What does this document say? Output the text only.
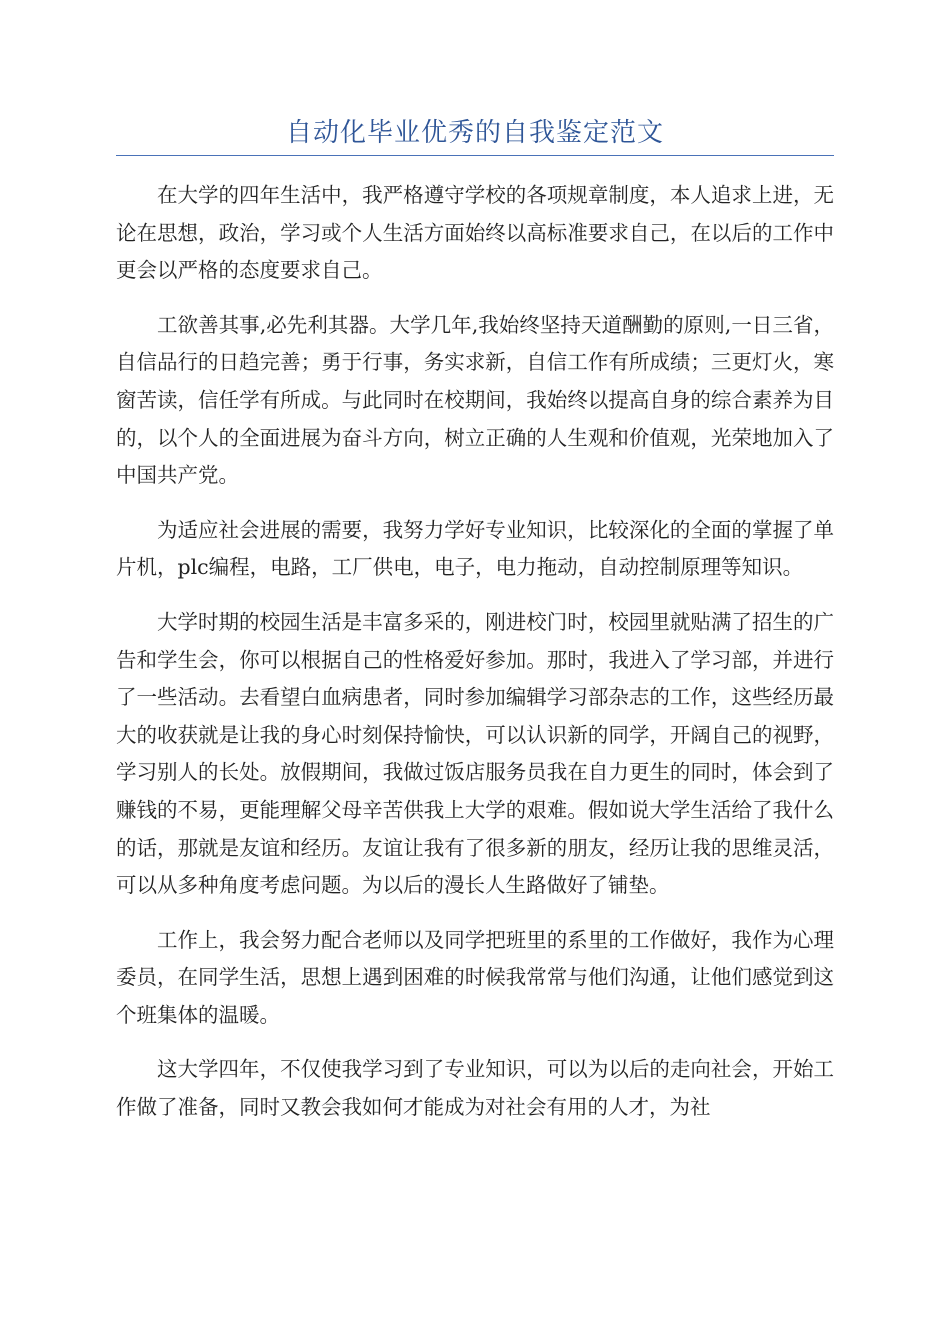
自动化毕业优秀的自我鉴定范文

在大学的四年生活中，我严格遵守学校的各项规章制度，本人追求上进，无论在思想，政治，学习或个人生活方面始终以高标准要求自己，在以后的工作中更会以严格的态度要求自己。

工欲善其事,必先利其器。大学几年,我始终坚持天道酬勤的原则,一日三省，自信品行的日趋完善；勇于行事，务实求新，自信工作有所成绩；三更灯火，寒窗苦读，信任学有所成。与此同时在校期间，我始终以提高自身的综合素养为目的，以个人的全面进展为奋斗方向，树立正确的人生观和价值观，光荣地加入了中国共产党。

为适应社会进展的需要，我努力学好专业知识，比较深化的全面的掌握了单片机，plc编程，电路，工厂供电，电子，电力拖动，自动控制原理等知识。

大学时期的校园生活是丰富多采的，刚进校门时，校园里就贴满了招生的广告和学生会，你可以根据自己的性格爱好参加。那时，我进入了学习部，并进行了一些活动。去看望白血病患者，同时参加编辑学习部杂志的工作，这些经历最大的收获就是让我的身心时刻保持愉快，可以认识新的同学，开阔自己的视野，学习别人的长处。放假期间，我做过饭店服务员我在自力更生的同时，体会到了赚钱的不易，更能理解父母辛苦供我上大学的艰难。假如说大学生活给了我什么的话，那就是友谊和经历。友谊让我有了很多新的朋友，经历让我的思维灵活，可以从多种角度考虑问题。为以后的漫长人生路做好了铺垫。

工作上，我会努力配合老师以及同学把班里的系里的工作做好，我作为心理委员，在同学生活，思想上遇到困难的时候我常常与他们沟通，让他们感觉到这个班集体的温暖。

这大学四年，不仅使我学习到了专业知识，可以为以后的走向社会，开始工作做了准备，同时又教会我如何才能成为对社会有用的人才，为社
